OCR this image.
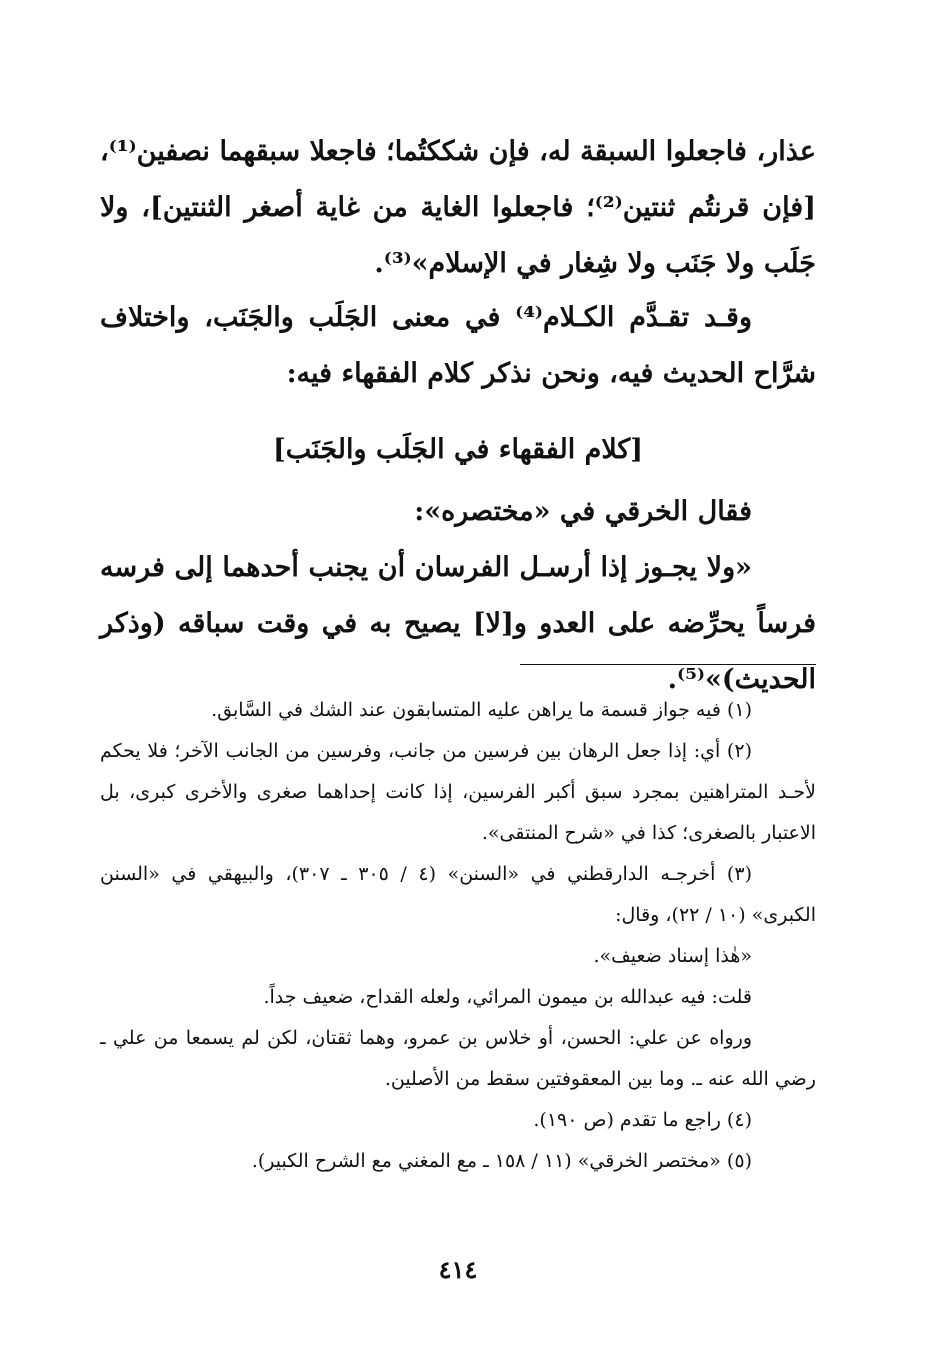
عذار، فاجعلوا السبقة له، فإن شككتُما؛ فاجعلا سبقهما نصفين⁽¹⁾، [فإن قرنتُم ثنتين⁽²⁾؛ فاجعلوا الغاية من غاية أصغر الثنتين]، ولا جَلَب ولا جَنَب ولا شِغار في الإسلام»⁽³⁾.

وقـد تقـدَّم الكـلام⁽⁴⁾ في معنى الجَلَب والجَنَب، واختلاف شرَّاح الحديث فيه، ونحن نذكر كلام الفقهاء فيه:

[كلام الفقهاء في الجَلَب والجَنَب]

فقال الخرقي في «مختصره»:

«ولا يجـوز إذا أرسـل الفرسان أن يجنب أحدهما إلى فرسه فرساً يحرِّضه على العدو و[لا] يصيح به في وقت سباقه (وذكر الحديث)»⁽⁵⁾.

(١) فيه جواز قسمة ما يراهن عليه المتسابقون عند الشك في السَّابق.

(٢) أي: إذا جعل الرهان بين فرسين من جانب، وفرسين من الجانب الآخر؛ فلا يحكم لأحـد المتراهنين بمجرد سبق أكبر الفرسين، إذا كانت إحداهما صغرى والأخرى كبرى، بل الاعتبار بالصغرى؛ كذا في «شرح المنتقى».

(٣) أخرجـه الدارقطني في «السنن» (٤ / ٣٠٥ ـ ٣٠٧)، والبيهقي في «السنن الكبرى» (١٠ / ٢٢)، وقال:

«هٰذا إسناد ضعيف».

قلت: فيه عبدالله بن ميمون المرائي، ولعله القداح، ضعيف جداً.

ورواه عن علي: الحسن، أو خلاس بن عمرو، وهما ثقتان، لكن لم يسمعا من علي ـ رضي الله عنه ـ. وما بين المعقوفتين سقط من الأصلين.

(٤) راجع ما تقدم (ص ١٩٠).

(٥) «مختصر الخرقي» (١١ / ١٥٨ ـ مع المغني مع الشرح الكبير).

٤١٤
